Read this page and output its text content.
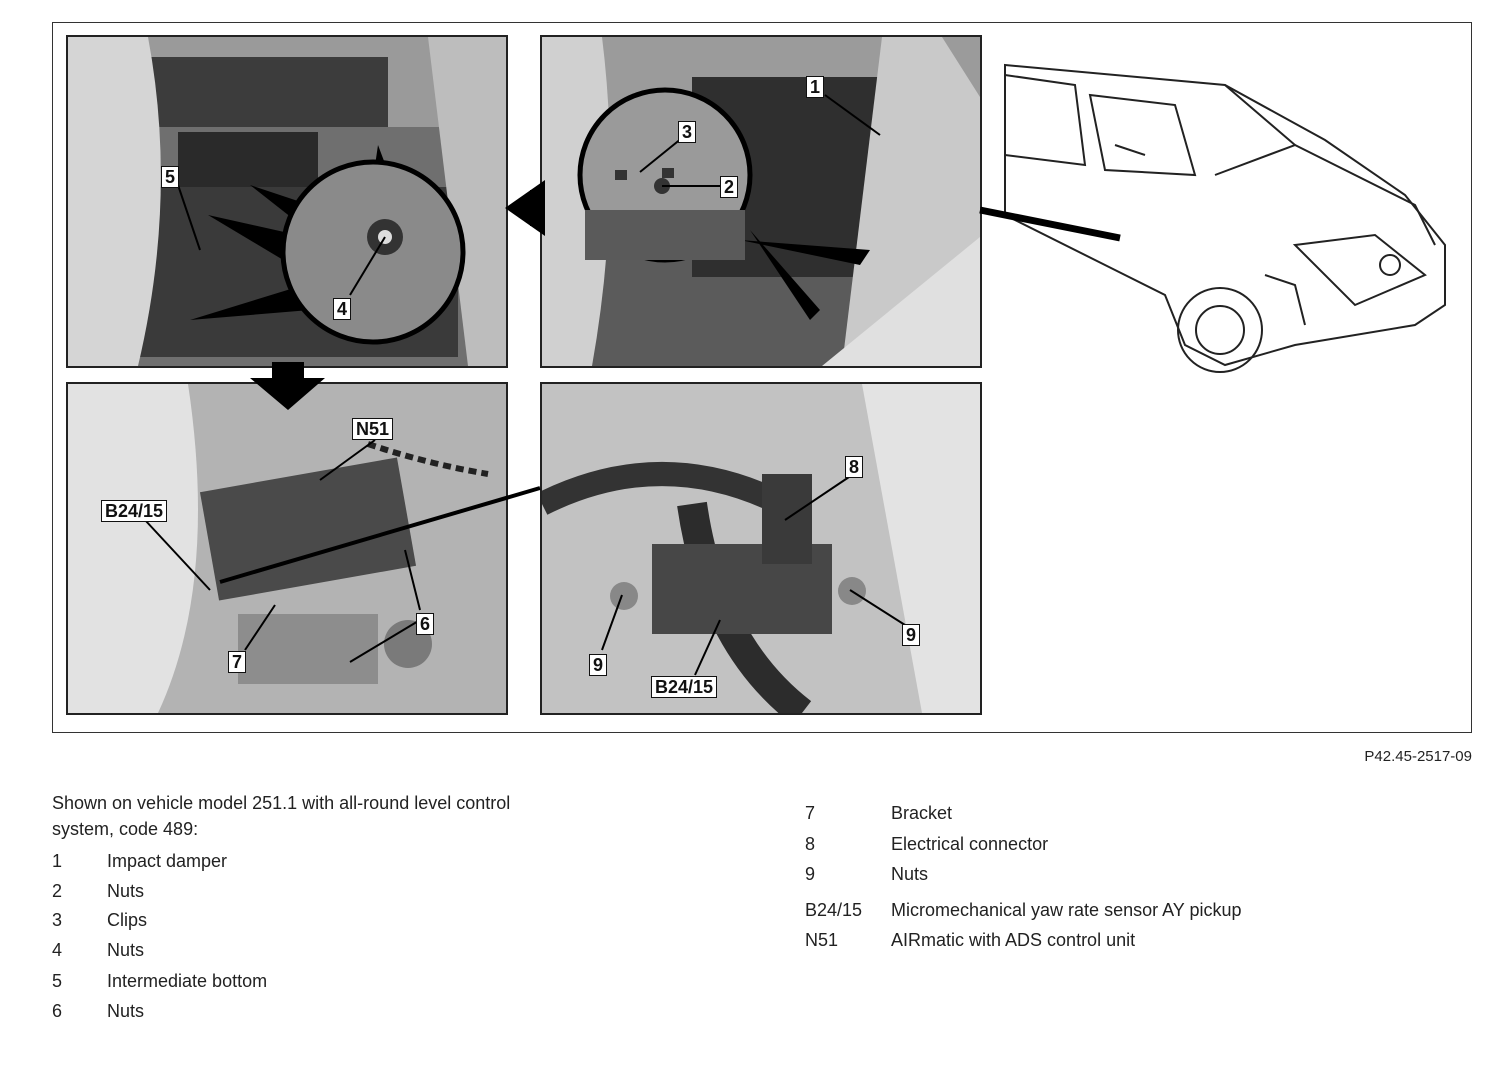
1
2
3
4
5
6
7
8
9
9
N51
B24/15
B24/15
P42.45-2517-09
Shown on vehicle model 251.1 with all-round level control system, code 489:
1	Impact damper
2	Nuts
3	Clips
4	Nuts
5	Intermediate bottom
6	Nuts
7	Bracket
8	Electrical connector
9	Nuts
B24/15	Micromechanical yaw rate sensor AY pickup
N51	AIRmatic with ADS control unit
